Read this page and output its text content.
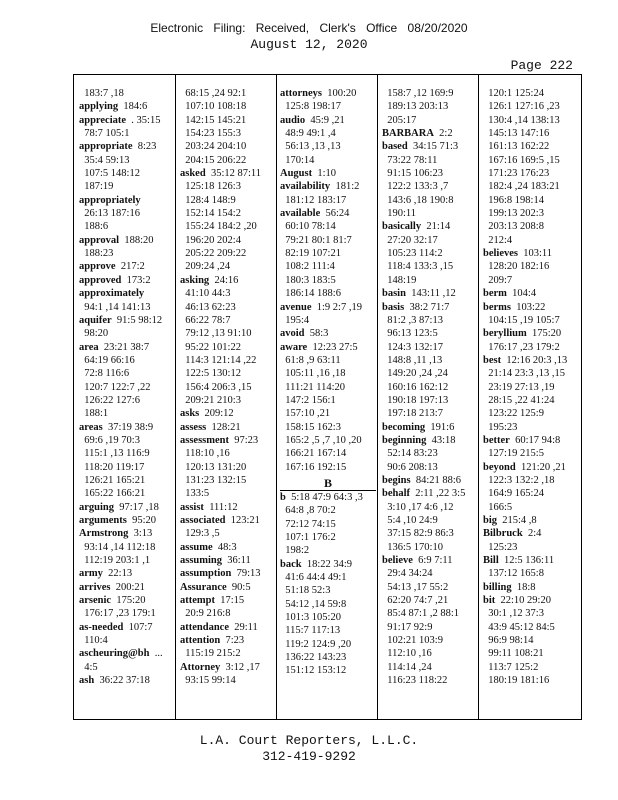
Electronic Filing: Received, Clerk's Office 08/20/2020
August 12, 2020
Page 222
183:7 ,18
applying 184:6
appreciate . 35:15
78:7 105:1
appropriate 8:23
35:4 59:13
107:5 148:12
187:19
appropriately
26:13 187:16
188:6
approval 188:20
188:23
approve 217:2
approved 173:2
approximately
94:1 ,14 141:13
aquifer 91:5 98:12
98:20
area 23:21 38:7
64:19 66:16
72:8 116:6
120:7 122:7 ,22
126:22 127:6
188:1
areas 37:19 38:9
69:6 ,19 70:3
115:1 ,13 116:9
118:20 119:17
126:21 165:21
165:22 166:21
arguing 97:17 ,18
arguments 95:20
Armstrong 3:13
93:14 ,14 112:18
112:19 203:1 ,1
army 22:13
arrives 200:21
arsenic 175:20
176:17 ,23 179:1
as-needed 107:7
110:4
ascheuring@bh ...
4:5
ash 36:22 37:18
68:15 ,24 92:1
107:10 108:18
142:15 145:21
154:23 155:3
203:24 204:10
204:15 206:22
asked 35:12 87:11
125:18 126:3
128:4 148:9
152:14 154:2
155:24 184:2 ,20
196:20 202:4
205:22 209:22
209:24 ,24
asking 24:16
41:10 44:3
46:13 62:23
66:22 78:7
79:12 ,13 91:10
95:22 101:22
114:3 121:14 ,22
122:5 130:12
156:4 206:3 ,15
209:21 210:3
asks 209:12
assess 128:21
assessment 97:23
118:10 ,16
120:13 131:20
131:23 132:15
133:5
assist 111:12
associated 123:21
129:3 ,5
assume 48:3
assuming 36:11
assumption 79:13
Assurance 90:5
attempt 17:15
20:9 216:8
attendance 29:11
attention 7:23
115:19 215:2
Attorney 3:12 ,17
93:15 99:14
attorneys 100:20
125:8 198:17
audio 45:9 ,21
48:9 49:1 ,4
56:13 ,13 ,13
170:14
August 1:10
availability 181:2
181:12 183:17
available 56:24
60:10 78:14
79:21 80:1 81:7
82:19 107:21
108:2 111:4
180:3 183:5
186:14 188:6
avenue 1:9 2:7 ,19
195:4
avoid 58:3
aware 12:23 27:5
61:8 ,9 63:11
105:11 ,16 ,18
111:21 114:20
147:2 156:1
157:10 ,21
158:15 162:3
165:2 ,5 ,7 ,10 ,20
166:21 167:14
167:16 192:15
B
b 5:18 47:9 64:3 ,3
64:8 ,8 70:2
72:12 74:15
107:1 176:2
198:2
back 18:22 34:9
41:6 44:4 49:1
51:18 52:3
54:12 ,14 59:8
101:3 105:20
115:7 117:13
119:2 124:9 ,20
136:22 143:23
151:12 153:12
158:7 ,12 169:9
189:13 203:13
205:17
BARBARA 2:2
based 34:15 71:3
73:22 78:11
91:15 106:23
122:2 133:3 ,7
143:6 ,18 190:8
190:11
basically 21:14
27:20 32:17
105:23 114:2
118:4 133:3 ,15
148:19
basin 143:11 ,12
basis 38:2 71:7
81:2 ,3 87:13
96:13 123:5
124:3 132:17
148:8 ,11 ,13
149:20 ,24 ,24
160:16 162:12
190:18 197:13
197:18 213:7
becoming 191:6
beginning 43:18
52:14 83:23
90:6 208:13
begins 84:21 88:6
behalf 2:11 ,22 3:5
3:10 ,17 4:6 ,12
5:4 ,10 24:9
37:15 82:9 86:3
136:5 170:10
believe 6:9 7:11
29:4 34:24
54:13 ,17 55:2
62:20 74:7 ,21
85:4 87:1 ,2 88:1
91:17 92:9
102:21 103:9
112:10 ,16
114:14 ,24
116:23 118:22
120:1 125:24
126:1 127:16 ,23
130:4 ,14 138:13
145:13 147:16
161:13 162:22
167:16 169:5 ,15
171:23 176:23
182:4 ,24 183:21
196:8 198:14
199:13 202:3
203:13 208:8
212:4
believes 103:11
128:20 182:16
209:7
berm 104:4
berms 103:22
104:15 ,19 105:7
beryllium 175:20
176:17 ,23 179:2
best 12:16 20:3 ,13
21:14 23:3 ,13 ,15
23:19 27:13 ,19
28:15 ,22 41:24
123:22 125:9
195:23
better 60:17 94:8
127:19 215:5
beyond 121:20 ,21
122:3 132:2 ,18
164:9 165:24
166:5
big 215:4 ,8
Bilbruck 2:4
125:23
Bill 12:5 136:11
137:12 165:8
billing 18:8
bit 22:10 29:20
30:1 ,12 37:3
43:9 45:12 84:5
96:9 98:14
99:11 108:21
113:7 125:2
180:19 181:16
L.A. Court Reporters, L.L.C.
312-419-9292
